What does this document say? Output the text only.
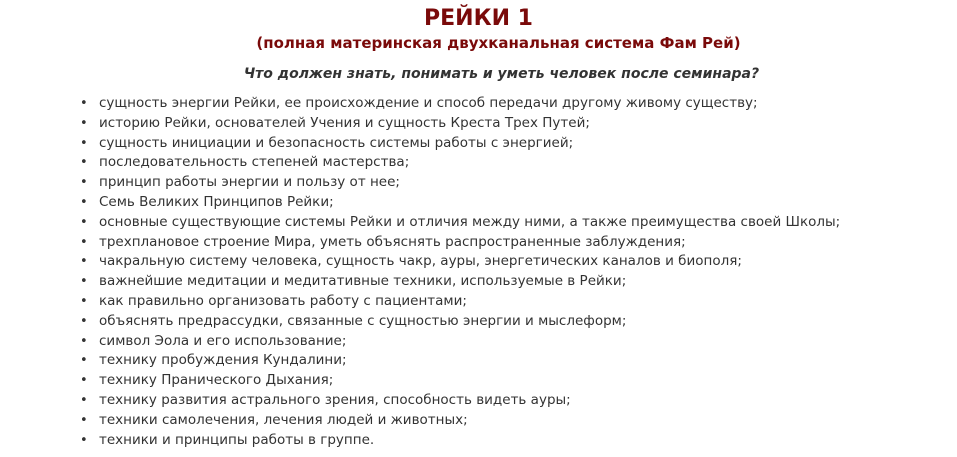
РЕЙКИ 1

(полная материнская двухканальная система Фам Рей)

Что должен знать, понимать и уметь человек после семинара?

• сущность энергии Рейки, ее происхождение и способ передачи другому живому существу;
• историю Рейки, основателей Учения и сущность Креста Трех Путей;
• сущность инициации и безопасность системы работы с энергией;
• последовательность степеней мастерства;
• принцип работы энергии и пользу от нее;
• Семь Великих Принципов Рейки;
• основные существующие системы Рейки и отличия между ними, а также преимущества своей Школы;
• трехплановое строение Мира, уметь объяснять распространенные заблуждения;
• чакральную систему человека, сущность чакр, ауры, энергетических каналов и биополя;
• важнейшие медитации и медитативные техники, используемые в Рейки;
• как правильно организовать работу с пациентами;
• объяснять предрассудки, связанные с сущностью энергии и мыслеформ;
• символ Эола и его использование;
• технику пробуждения Кундалини;
• технику Пранического Дыхания;
• технику развития астрального зрения, способность видеть ауры;
• техники самолечения, лечения людей и животных;
• техники и принципы работы в группе.
